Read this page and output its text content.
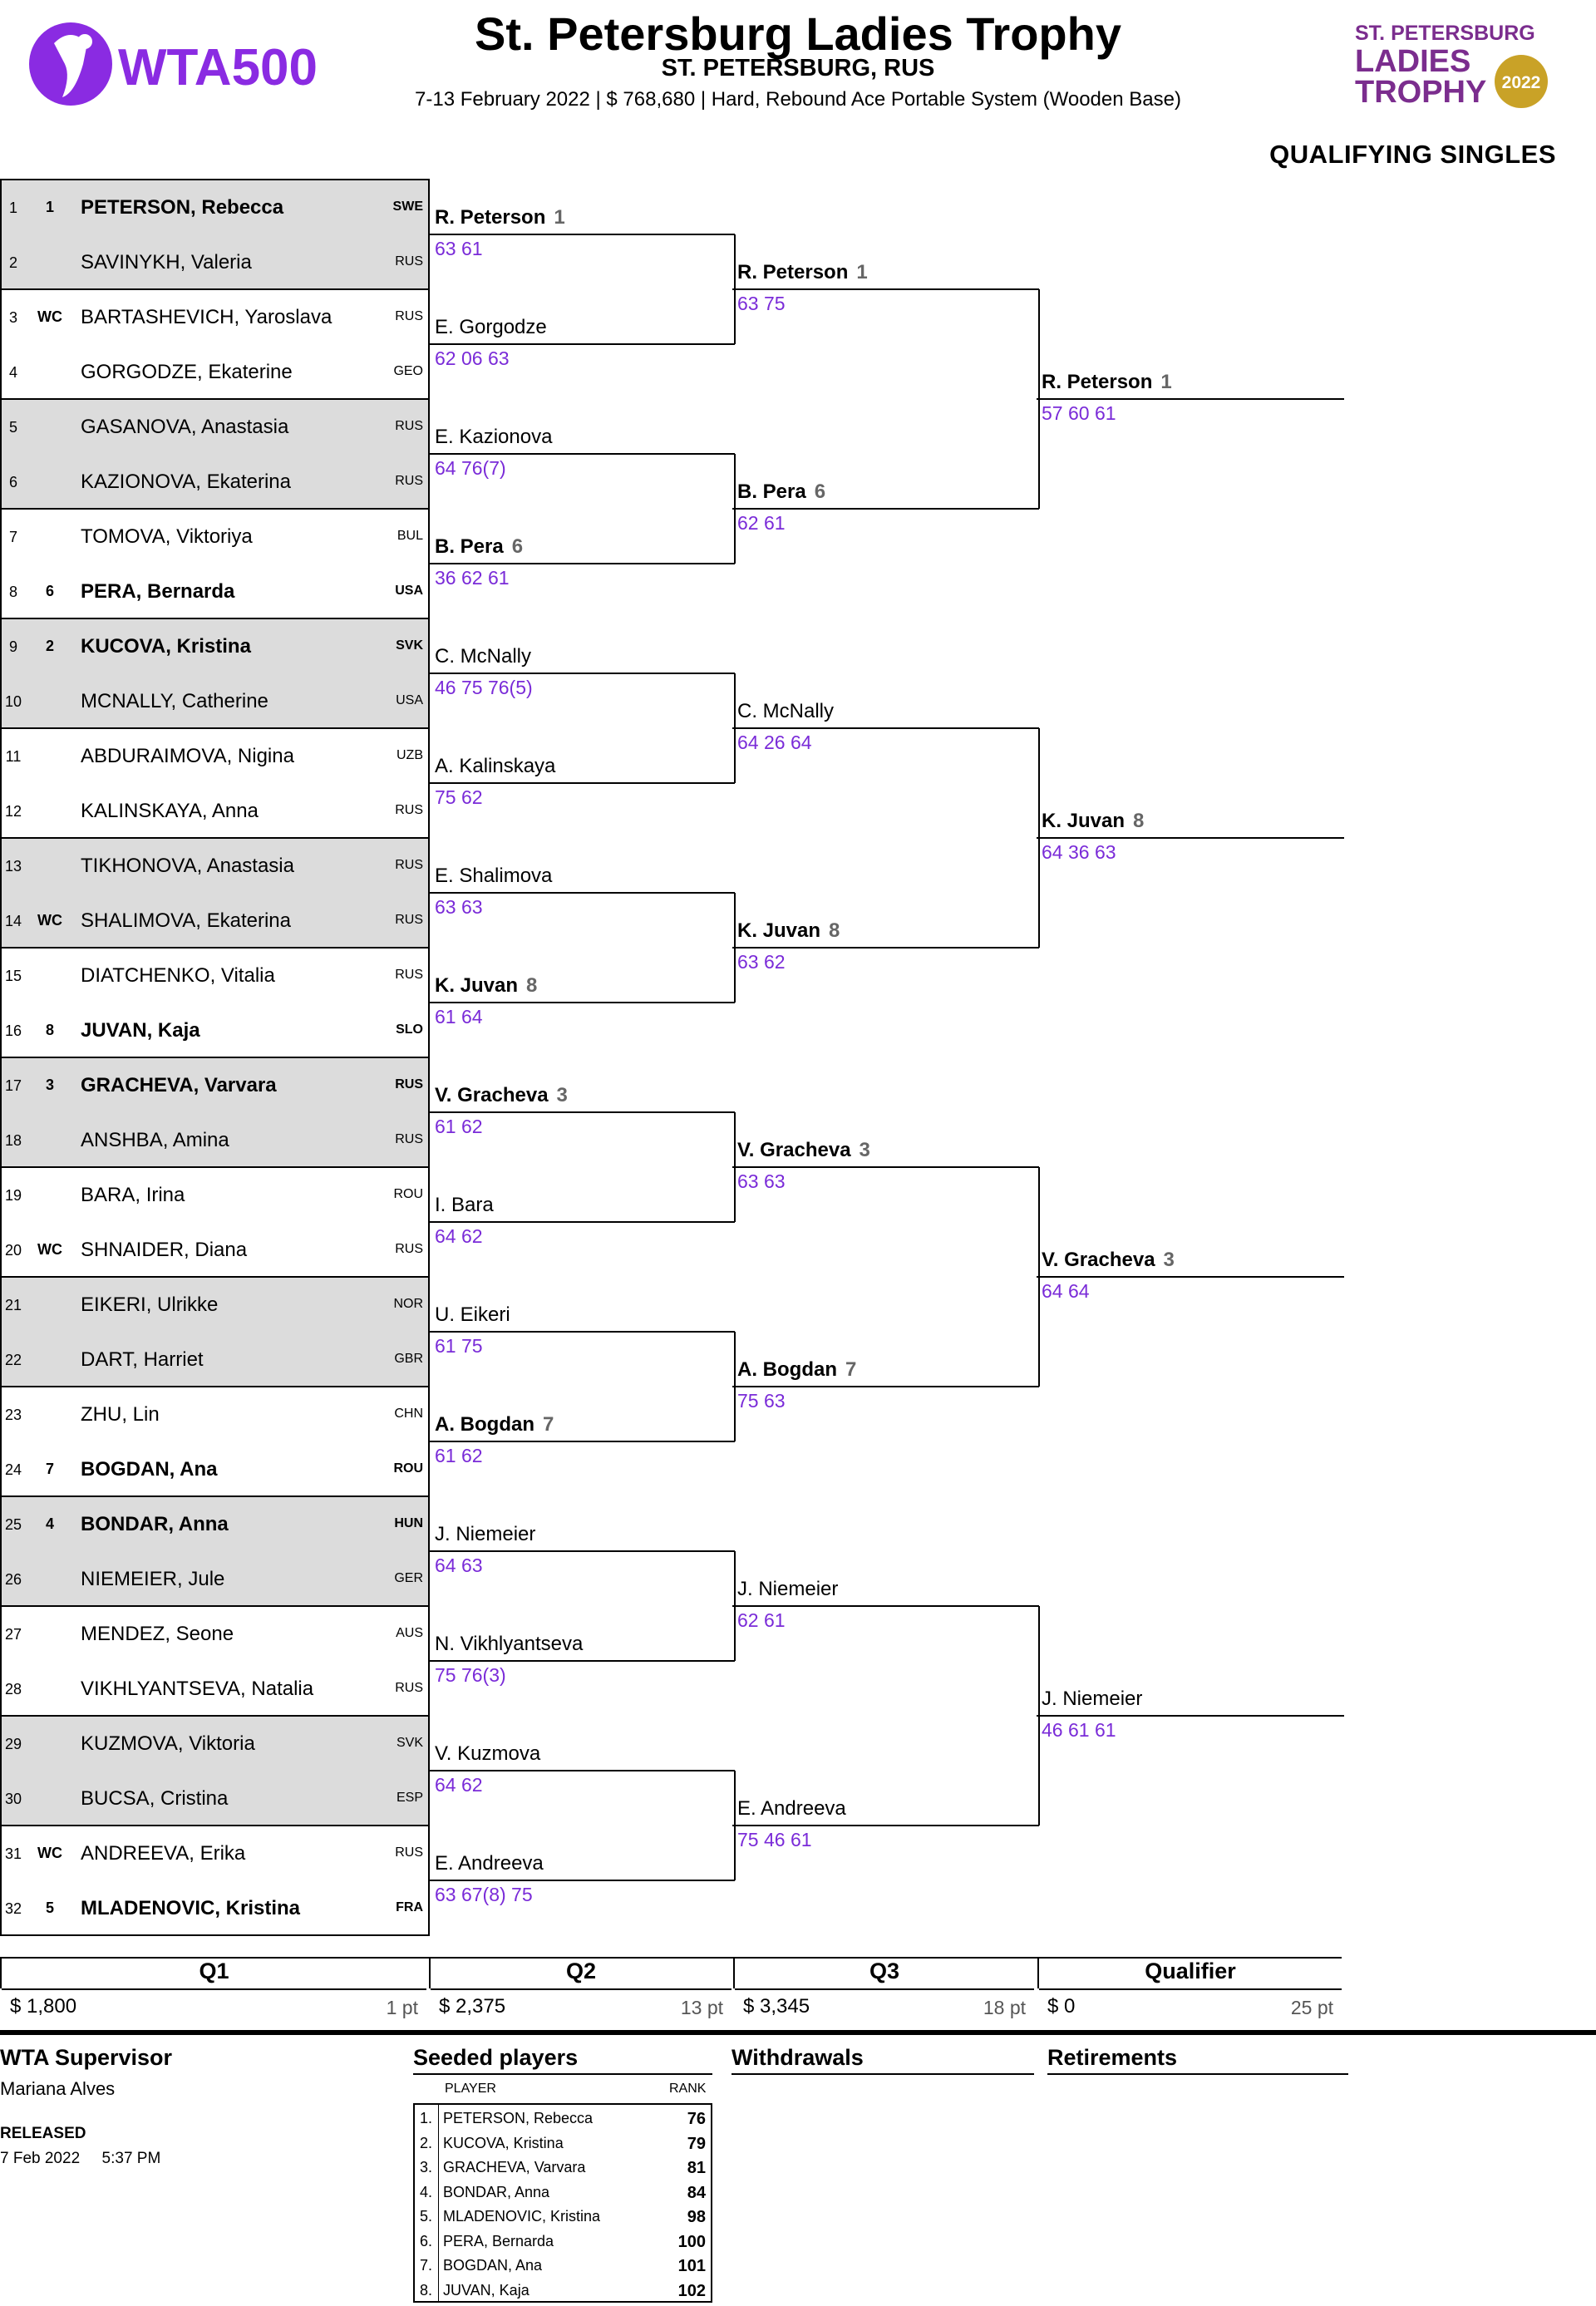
WTA500
St. Petersburg Ladies Trophy
ST. PETERSBURG, RUS
7-13 February 2022 | $ 768,680 | Hard, Rebound Ace Portable System (Wooden Base)
ST. PETERSBURG
LADIES
TROPHY 2022
QUALIFYING SINGLES
1	1	PETERSON, Rebecca	SWE
2	SAVINYKH, Valeria	RUS
3	WC BARTASHEVICH, Yaroslava	RUS
4	GORGODZE, Ekaterine	GEO
5	GASANOVA, Anastasia	RUS
6	KAZIONOVA, Ekaterina	RUS
7	TOMOVA, Viktoriya	BUL
8	6	PERA, Bernarda	USA
9	2	KUCOVA, Kristina	SVK
10	MCNALLY, Catherine	USA
11	ABDURAIMOVA, Nigina	UZB
12	KALINSKAYA, Anna	RUS
13	TIKHONOVA, Anastasia	RUS
14	WC SHALIMOVA, Ekaterina	RUS
15	DIATCHENKO, Vitalia	RUS
16	8	JUVAN, Kaja	SLO
17	3	GRACHEVA, Varvara	RUS
18	ANSHBA, Amina	RUS
19	BARA, Irina	ROU
20	WC SHNAIDER, Diana	RUS
21	EIKERI, Ulrikke	NOR
22	DART, Harriet	GBR
23	ZHU, Lin	CHN
24	7	BOGDAN, Ana	ROU
25	4	BONDAR, Anna	HUN
26	NIEMEIER, Jule	GER
27	MENDEZ, Seone	AUS
28	VIKHLYANTSEVA, Natalia	RUS
29	KUZMOVA, Viktoria	SVK
30	BUCSA, Cristina	ESP
31	WC ANDREEVA, Erika	RUS
32	5	MLADENOVIC, Kristina	FRA
R. Peterson 1
63 61
E. Gorgodze
62 06 63
E. Kazionova
64 76(7)
B. Pera 6
36 62 61
C. McNally
46 75 76(5)
A. Kalinskaya
75 62
E. Shalimova
63 63
K. Juvan 8
61 64
V. Gracheva 3
61 62
I. Bara
64 62
U. Eikeri
61 75
A. Bogdan 7
61 62
J. Niemeier
64 63
N. Vikhlyantseva
75 76(3)
V. Kuzmova
64 62
E. Andreeva
63 67(8) 75
R. Peterson 1
63 75
B. Pera 6
62 61
C. McNally
64 26 64
K. Juvan 8
63 62
V. Gracheva 3
63 63
A. Bogdan 7
75 63
J. Niemeier
62 61
E. Andreeva
75 46 61
R. Peterson 1
57 60 61
K. Juvan 8
64 36 63
V. Gracheva 3
64 64
J. Niemeier
46 61 61
Q1
$ 1,800	1 pt
Q2
$ 2,375	13 pt
Q3
$ 3,345	18 pt
Qualifier
$ 0	25 pt
WTA Supervisor
Mariana Alves
RELEASED
7 Feb 2022     5:37 PM
Seeded players
PLAYER	RANK
1. PETERSON, Rebecca	76
2. KUCOVA, Kristina	79
3. GRACHEVA, Varvara	81
4. BONDAR, Anna	84
5. MLADENOVIC, Kristina	98
6. PERA, Bernarda	100
7. BOGDAN, Ana	101
8. JUVAN, Kaja	102
Withdrawals	Retirements
